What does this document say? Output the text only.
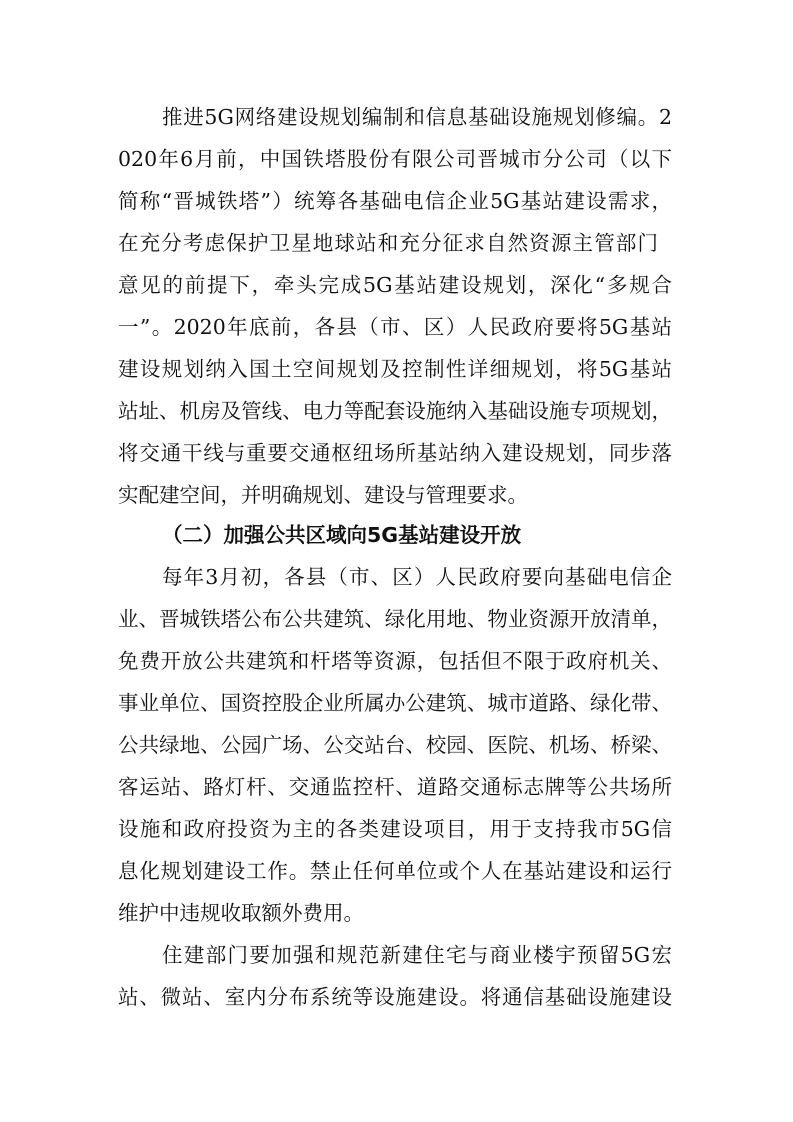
推进5G网络建设规划编制和信息基础设施规划修编。2
020年6月前，中国铁塔股份有限公司晋城市分公司（以下
简称“晋城铁塔”）统筹各基础电信企业5G基站建设需求，
在充分考虑保护卫星地球站和充分征求自然资源主管部门
意见的前提下，牵头完成5G基站建设规划，深化“多规合
一”。2020年底前，各县（市、区）人民政府要将5G基站
建设规划纳入国土空间规划及控制性详细规划，将5G基站
站址、机房及管线、电力等配套设施纳入基础设施专项规划，
将交通干线与重要交通枢纽场所基站纳入建设规划，同步落
实配建空间，并明确规划、建设与管理要求。
（二）加强公共区域向5G基站建设开放
每年3月初，各县（市、区）人民政府要向基础电信企
业、晋城铁塔公布公共建筑、绿化用地、物业资源开放清单，
免费开放公共建筑和杆塔等资源，包括但不限于政府机关、
事业单位、国资控股企业所属办公建筑、城市道路、绿化带、
公共绿地、公园广场、公交站台、校园、医院、机场、桥梁、
客运站、路灯杆、交通监控杆、道路交通标志牌等公共场所
设施和政府投资为主的各类建设项目，用于支持我市5G信
息化规划建设工作。禁止任何单位或个人在基站建设和运行
维护中违规收取额外费用。
住建部门要加强和规范新建住宅与商业楼宇预留5G宏
站、微站、室内分布系统等设施建设。将通信基础设施建设
